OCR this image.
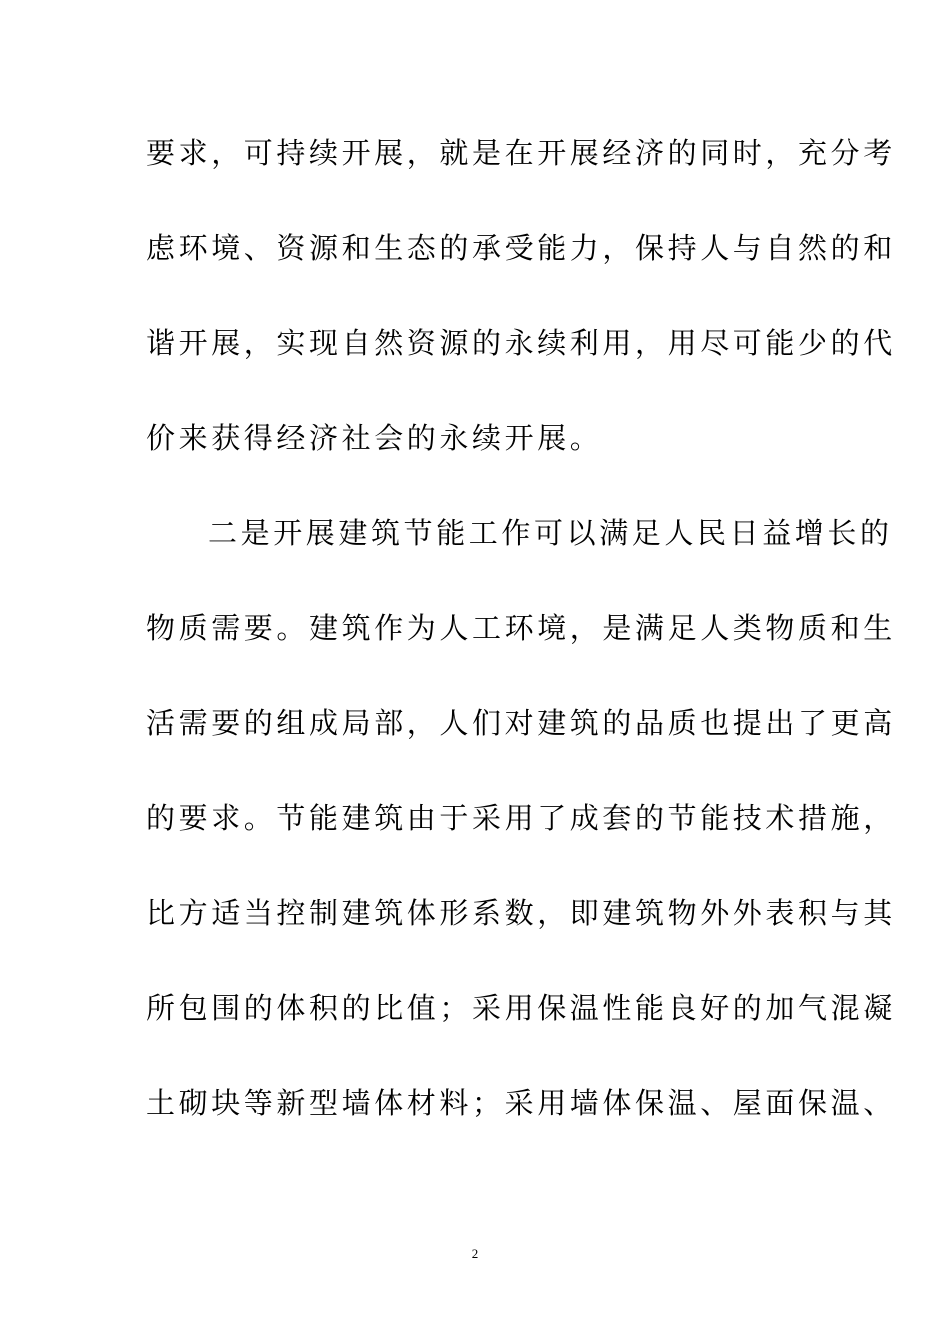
要求，可持续开展，就是在开展经济的同时，充分考
虑环境、资源和生态的承受能力，保持人与自然的和
谐开展，实现自然资源的永续利用，用尽可能少的代
价来获得经济社会的永续开展。
二是开展建筑节能工作可以满足人民日益增长的
物质需要。建筑作为人工环境，是满足人类物质和生
活需要的组成局部，人们对建筑的品质也提出了更高
的要求。节能建筑由于采用了成套的节能技术措施，
比方适当控制建筑体形系数，即建筑物外外表积与其
所包围的体积的比值；采用保温性能良好的加气混凝
土砌块等新型墙体材料；采用墙体保温、屋面保温、
2
